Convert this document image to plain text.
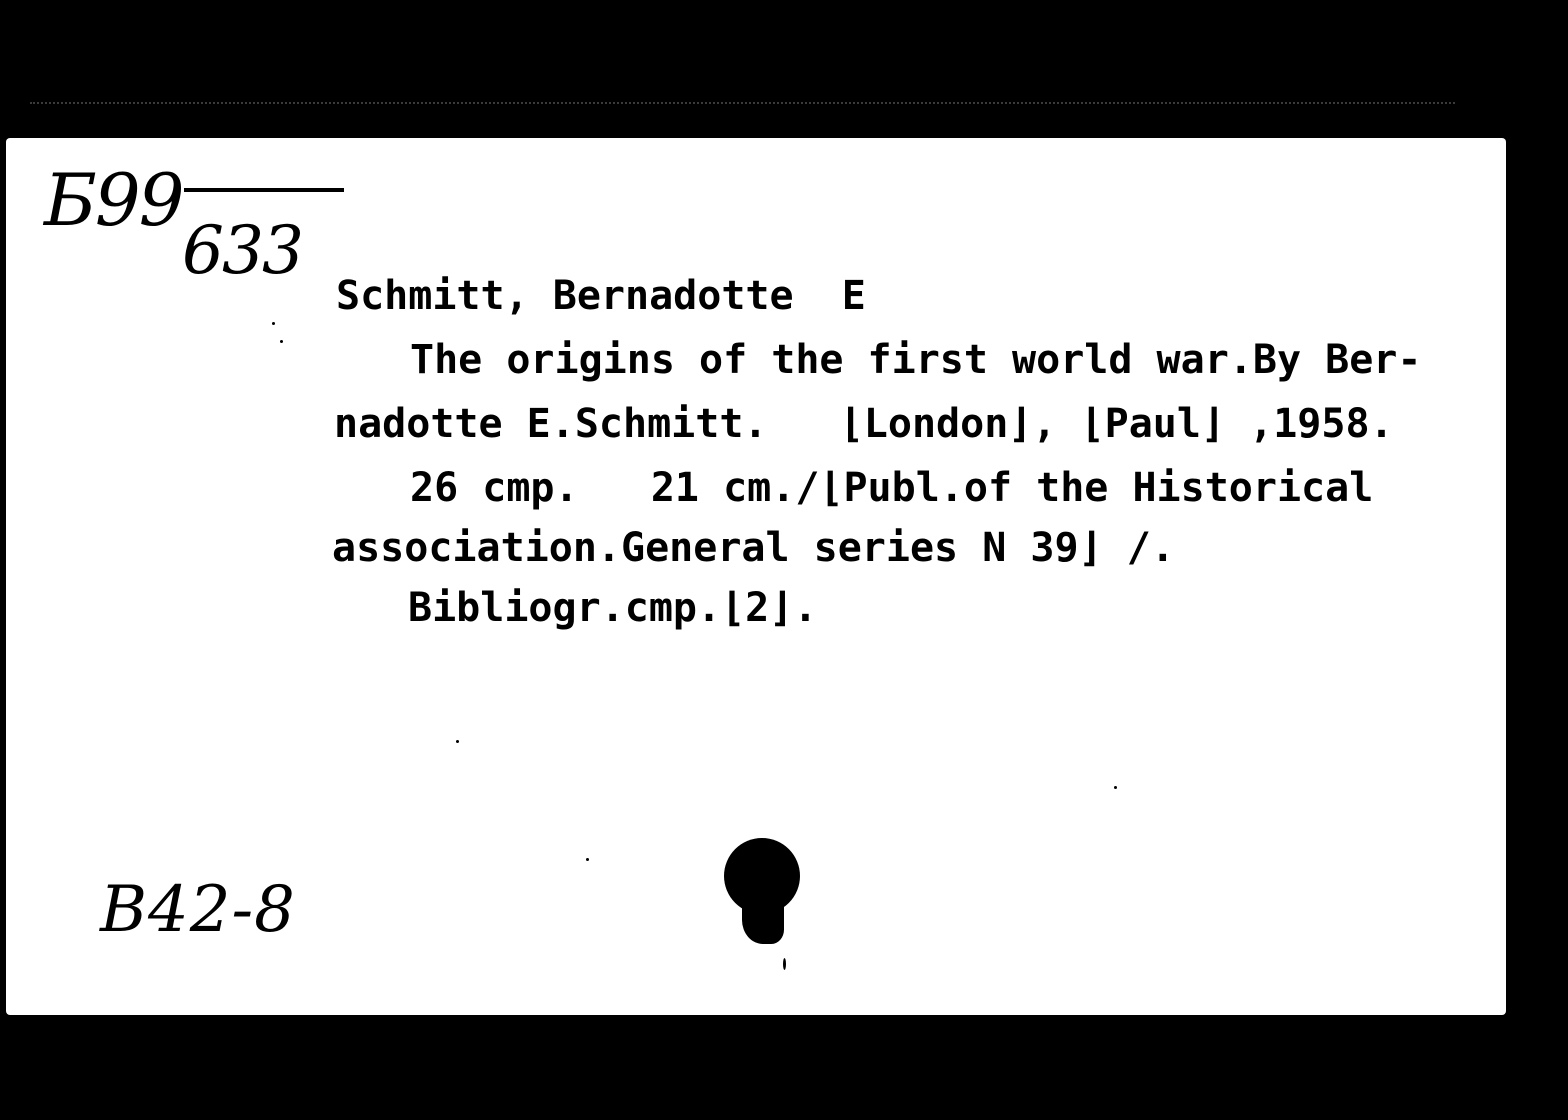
Б99
633
Schmitt, Bernadotte  E
The origins of the first world war.By Ber-
nadotte E.Schmitt.   ⌊London⌋, ⌊Paul⌋ ,1958.
26 cmp.   21 cm./⌊Publ.of the Historical
association.General series N 39⌋ /.
Bibliogr.cmp.⌊2⌋.
B42-8
